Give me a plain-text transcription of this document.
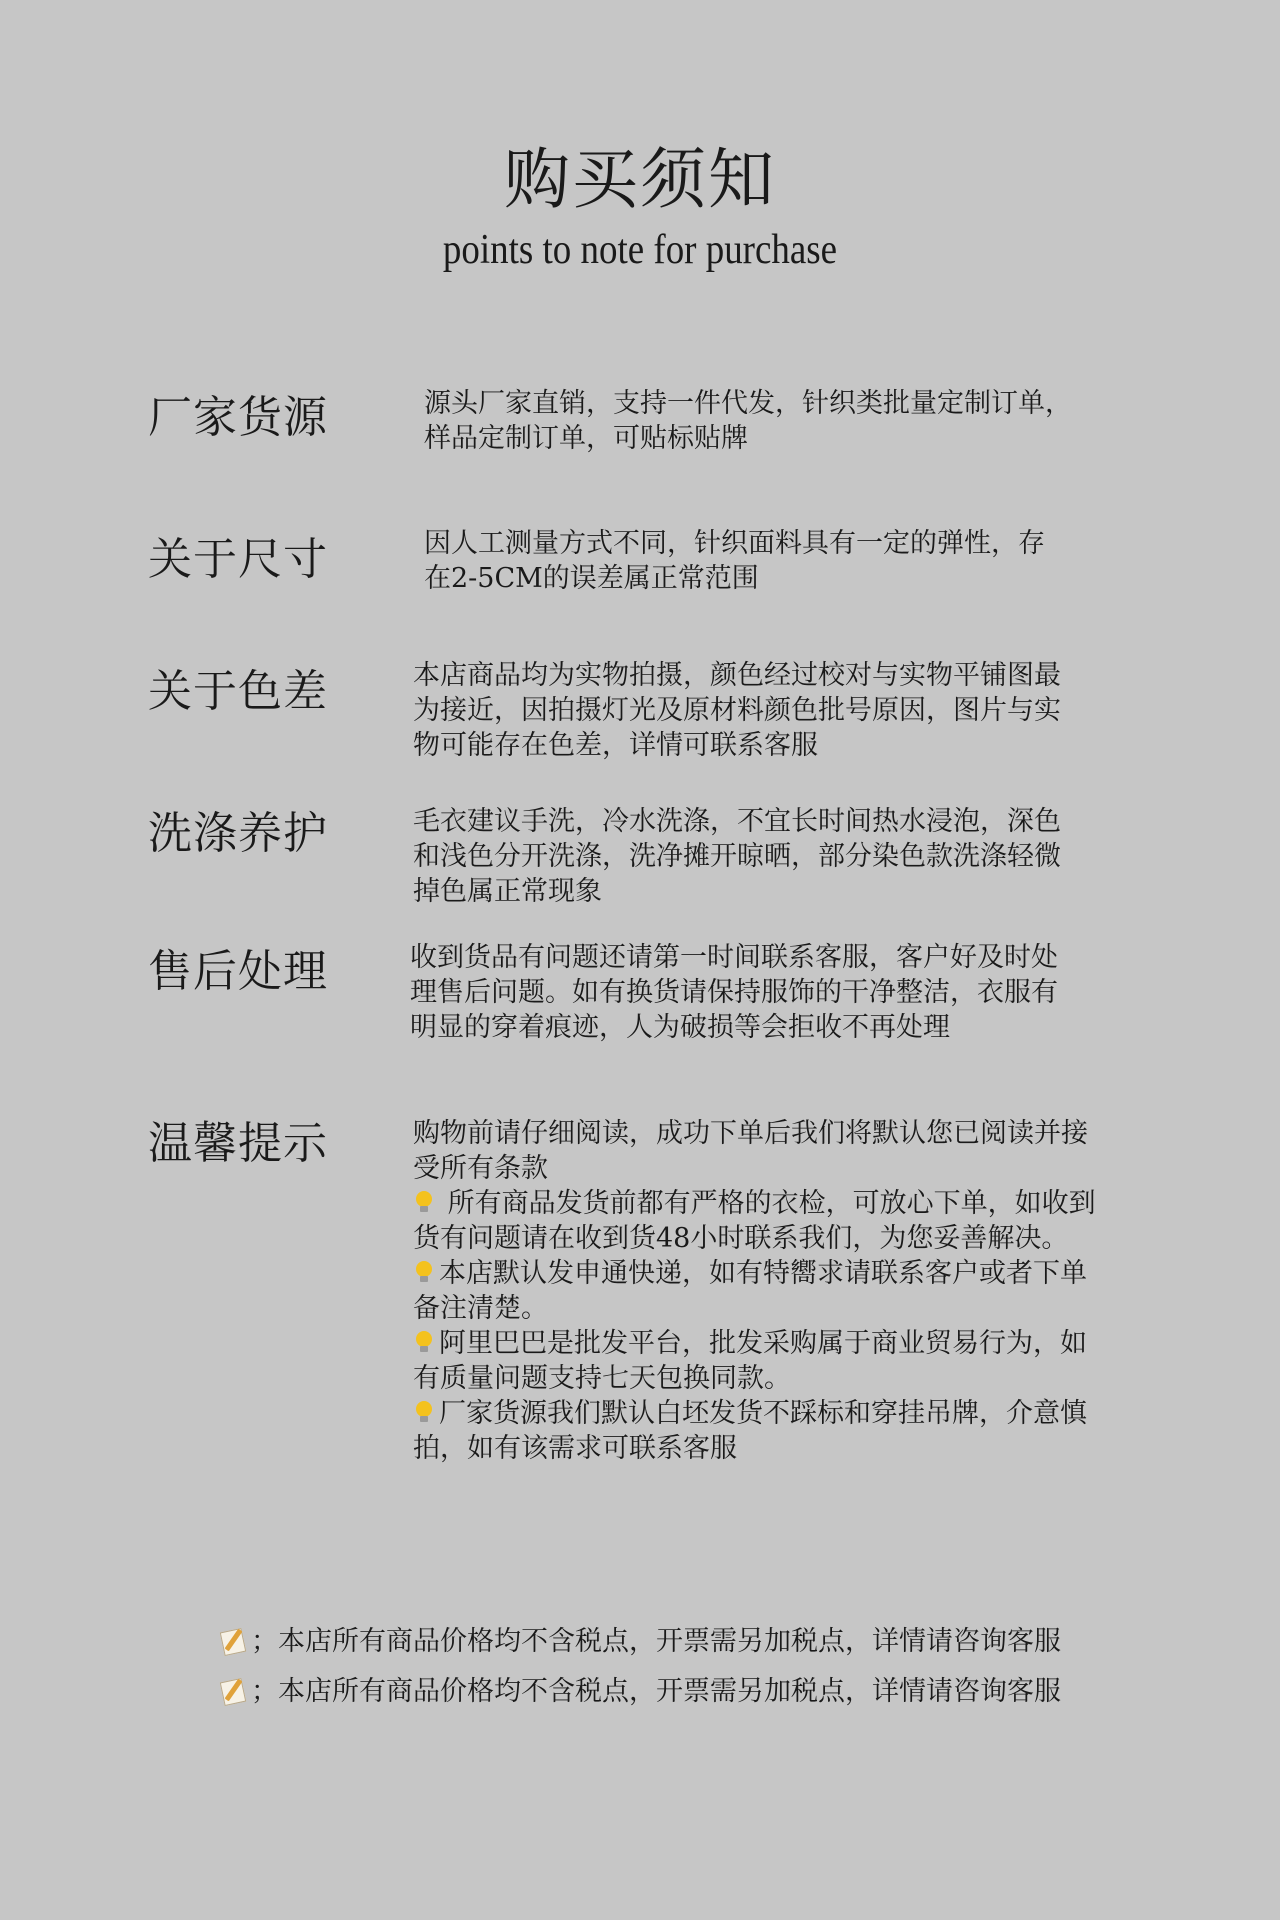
购买须知
points to note for purchase
厂家货源	源头厂家直销，支持一件代发，针织类批量定制订单，
样品定制订单，可贴标贴牌
关于尺寸	因人工测量方式不同，针织面料具有一定的弹性，存
在2-5CM的误差属正常范围
关于色差	本店商品均为实物拍摄，颜色经过校对与实物平铺图最
为接近，因拍摄灯光及原材料颜色批号原因，图片与实
物可能存在色差，详情可联系客服
洗涤养护	毛衣建议手洗，冷水洗涤，不宜长时间热水浸泡，深色
和浅色分开洗涤，洗净摊开晾晒，部分染色款洗涤轻微
掉色属正常现象
售后处理	收到货品有问题还请第一时间联系客服，客户好及时处
理售后问题。如有换货请保持服饰的干净整洁，衣服有
明显的穿着痕迹，人为破损等会拒收不再处理
温馨提示	购物前请仔细阅读，成功下单后我们将默认您已阅读并接
受所有条款
所有商品发货前都有严格的衣检，可放心下单，如收到
货有问题请在收到货48小时联系我们，为您妥善解决。
本店默认发申通快递，如有特嚮求请联系客户或者下单
备注清楚。
阿里巴巴是批发平台，批发采购属于商业贸易行为，如
有质量问题支持七天包换同款。
厂家货源我们默认白坯发货不踩标和穿挂吊牌，介意慎
拍，如有该需求可联系客服
；本店所有商品价格均不含税点，开票需另加税点，详情请咨询客服
；本店所有商品价格均不含税点，开票需另加税点，详情请咨询客服
